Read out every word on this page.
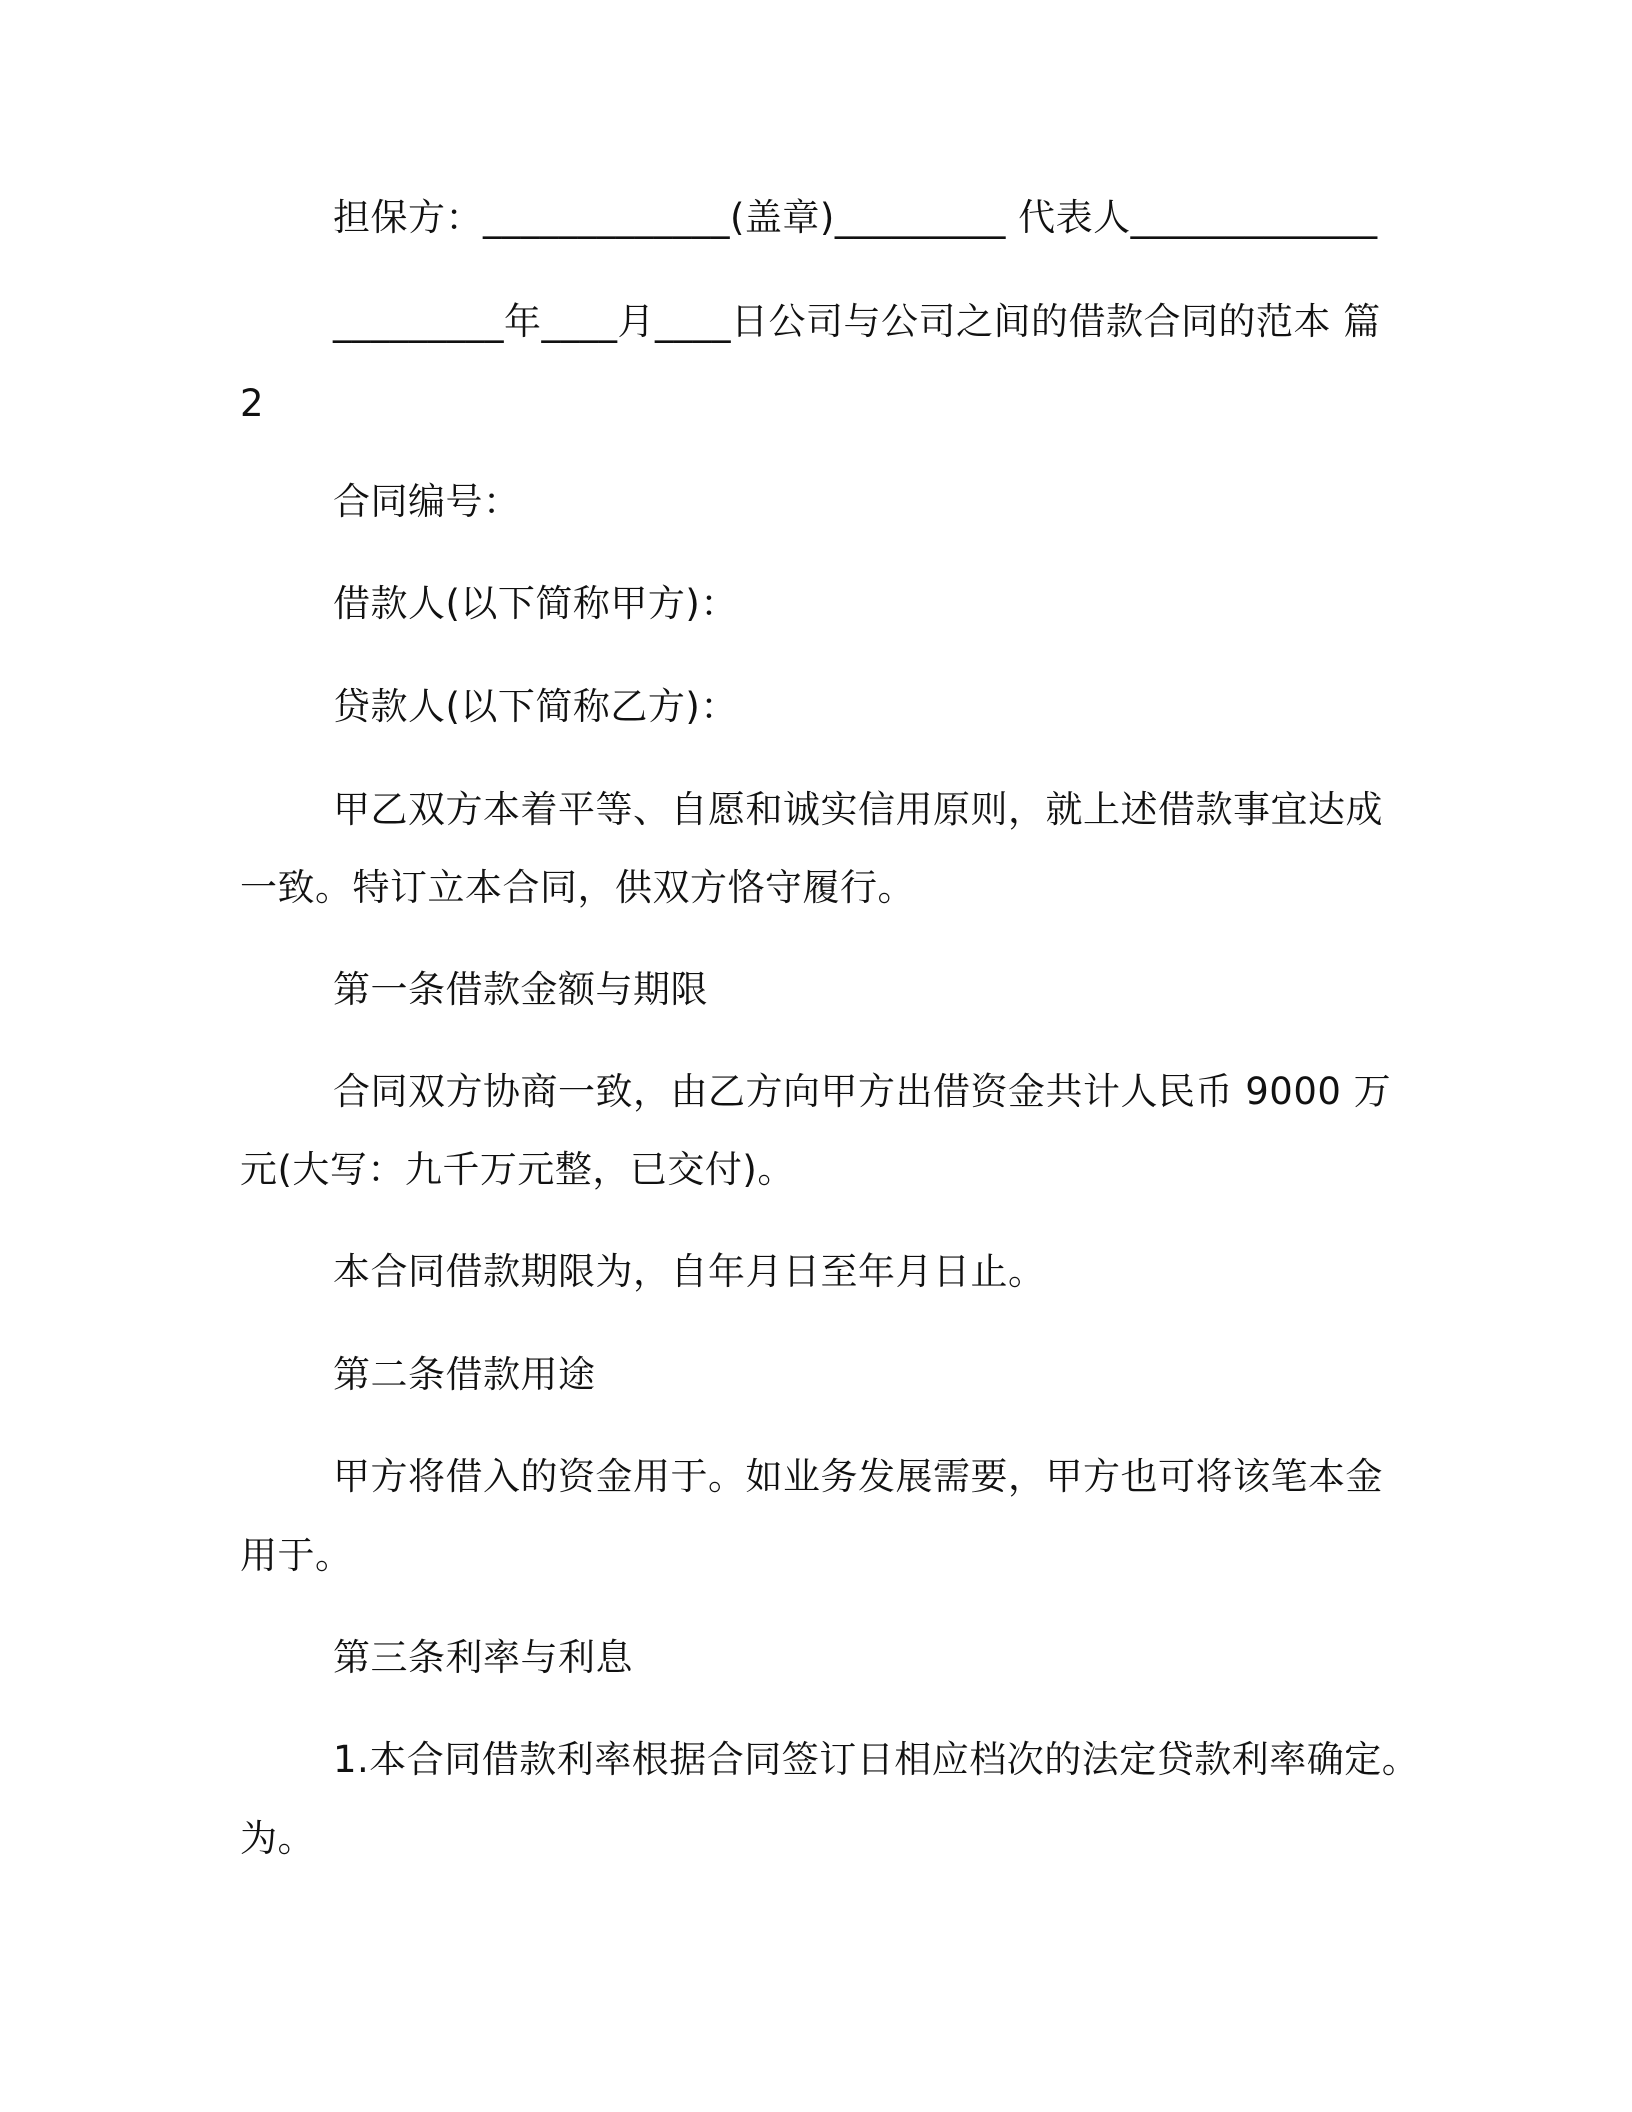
担保方：_____________(盖章)_________ 代表人_____________
_________年____月____日公司与公司之间的借款合同的范本 篇
2
合同编号：
借款人(以下简称甲方)：
贷款人(以下简称乙方)：
甲乙双方本着平等、自愿和诚实信用原则，就上述借款事宜达成
一致。特订立本合同，供双方恪守履行。
第一条借款金额与期限
合同双方协商一致，由乙方向甲方出借资金共计人民币 9000 万
元(大写：九千万元整，已交付)。
本合同借款期限为，自年月日至年月日止。
第二条借款用途
甲方将借入的资金用于。如业务发展需要，甲方也可将该笔本金
用于。
第三条利率与利息
1.本合同借款利率根据合同签订日相应档次的法定贷款利率确定。
为。
